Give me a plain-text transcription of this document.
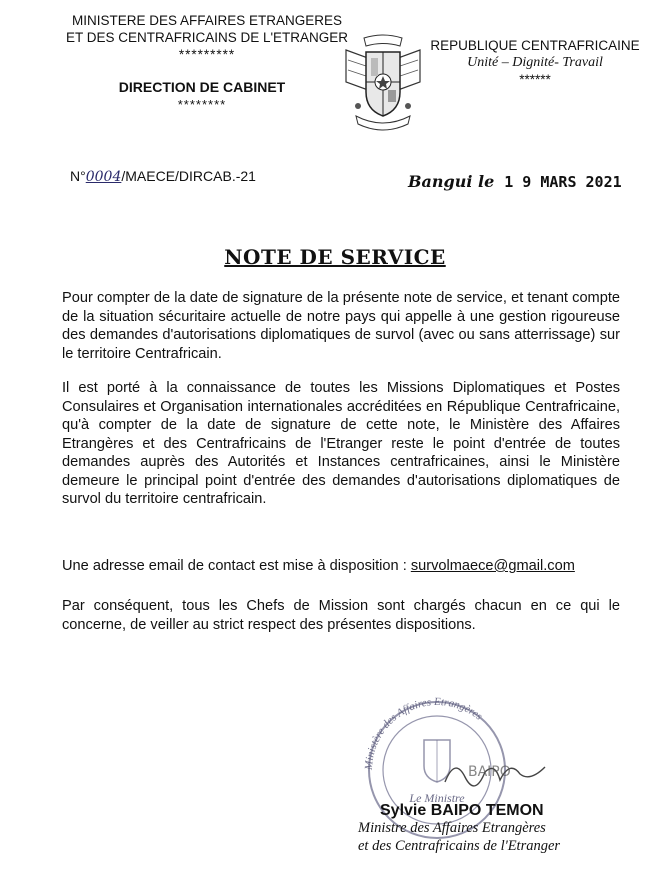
MINISTERE DES AFFAIRES ETRANGERES
ET DES CENTRAFRICAINS DE L'ETRANGER
*********
DIRECTION DE CABINET
********
REPUBLIQUE CENTRAFRICAINE
Unité – Dignité- Travail
******
N°0004/MAECE/DIRCAB.-21	Bangui le 1 9 MARS 2021
NOTE DE SERVICE
Pour compter de la date de signature de la présente note de service, et tenant compte de la situation sécuritaire actuelle de notre pays qui appelle à une gestion rigoureuse des demandes d'autorisations diplomatiques de survol (avec ou sans atterrissage) sur le territoire Centrafricain.
Il est porté à la connaissance de toutes les Missions Diplomatiques et Postes Consulaires et Organisation internationales accréditées en République Centrafricaine, qu'à compter de la date de signature de cette note, le Ministère des Affaires Etrangères et des Centrafricains de l'Etranger reste le point d'entrée de toutes demandes auprès des Autorités et Instances centrafricaines, ainsi le Ministère demeure le principal point d'entrée des demandes d'autorisations diplomatiques de survol du territoire centrafricain.
Une adresse email de contact est mise à disposition : survolmaece@gmail.com
Par conséquent, tous les Chefs de Mission sont chargés chacun en ce qui le concerne, de veiller au strict respect des présentes dispositions.
Ministère des Affaires Etrangères
Le Ministre
BAIPO
Sylvie BAIPO TEMON
Ministre des Affaires Etrangères
et des Centrafricains de l'Etranger
